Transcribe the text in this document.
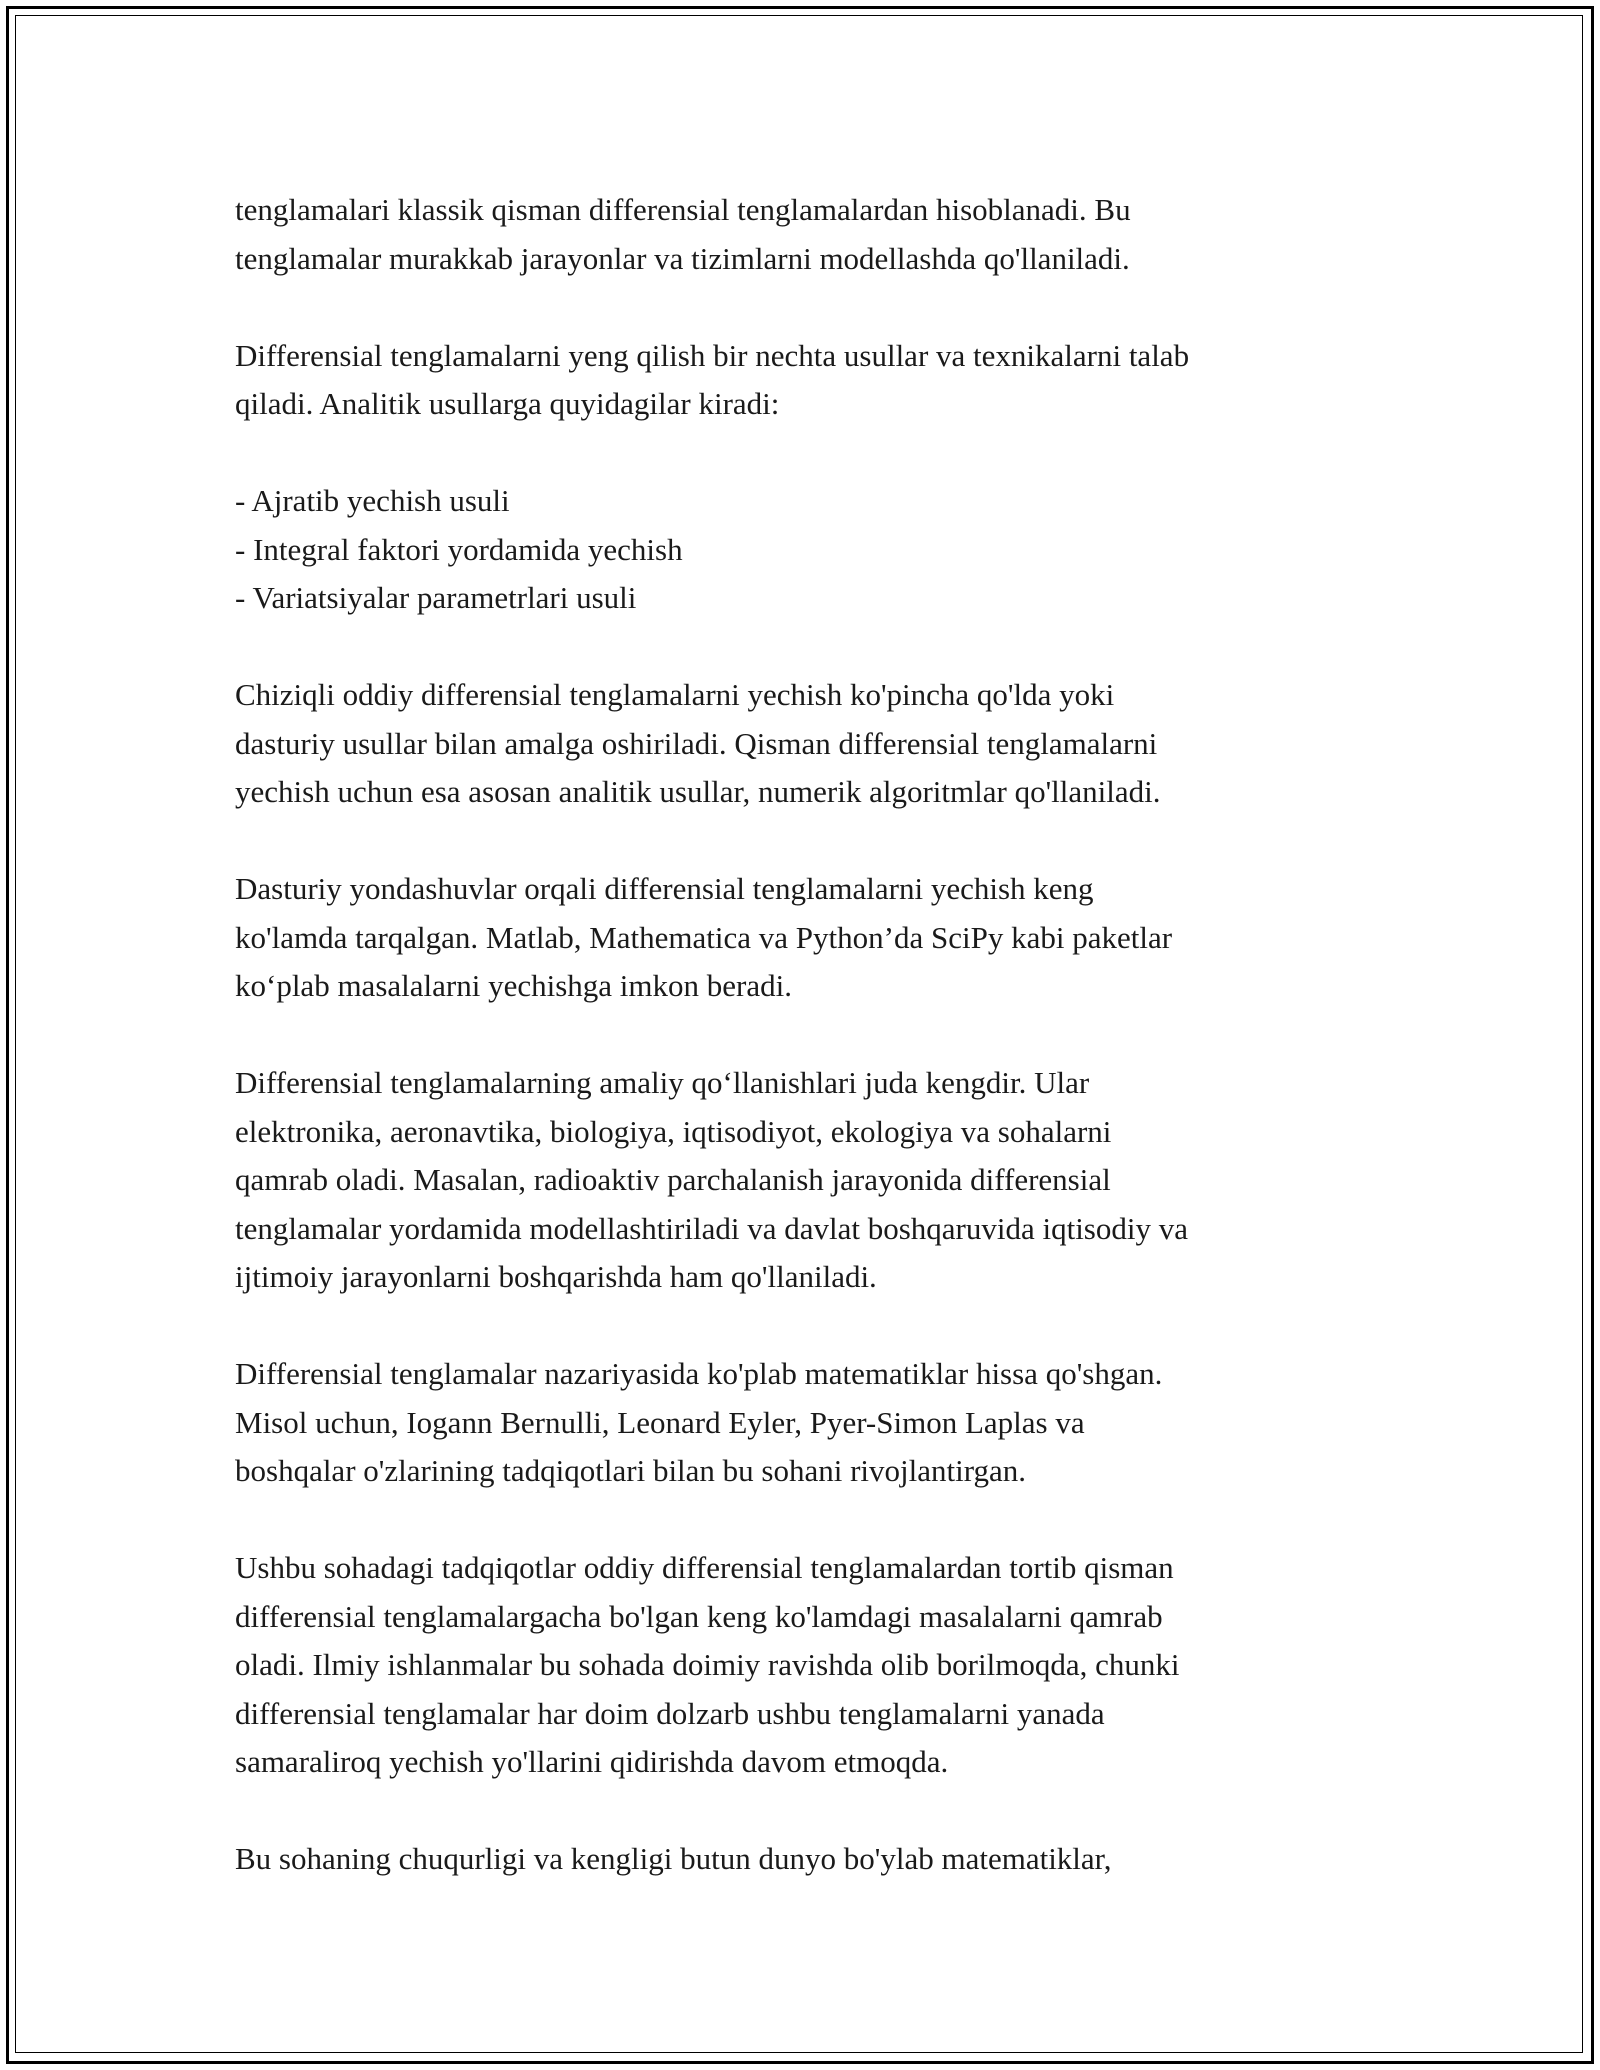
tenglamalari klassik qisman differensial tenglamalardan hisoblanadi. Bu
tenglamalar murakkab jarayonlar va tizimlarni modellashda qo'llaniladi.

Differensial tenglamalarni yeng qilish bir nechta usullar va texnikalarni talab
qiladi. Analitik usullarga quyidagilar kiradi:

- Ajratib yechish usuli
- Integral faktori yordamida yechish
- Variatsiyalar parametrlari usuli

Chiziqli oddiy differensial tenglamalarni yechish ko'pincha qo'lda yoki
dasturiy usullar bilan amalga oshiriladi. Qisman differensial tenglamalarni
yechish uchun esa asosan analitik usullar, numerik algoritmlar qo'llaniladi.

Dasturiy yondashuvlar orqali differensial tenglamalarni yechish keng
ko'lamda tarqalgan. Matlab, Mathematica va Python’da SciPy kabi paketlar
ko‘plab masalalarni yechishga imkon beradi.

Differensial tenglamalarning amaliy qo‘llanishlari juda kengdir. Ular
elektronika, aeronavtika, biologiya, iqtisodiyot, ekologiya va sohalarni
qamrab oladi. Masalan, radioaktiv parchalanish jarayonida differensial
tenglamalar yordamida modellashtiriladi va davlat boshqaruvida iqtisodiy va
ijtimoiy jarayonlarni boshqarishda ham qo'llaniladi.

Differensial tenglamalar nazariyasida ko'plab matematiklar hissa qo'shgan.
Misol uchun, Iogann Bernulli, Leonard Eyler, Pyer-Simon Laplas va
boshqalar o'zlarining tadqiqotlari bilan bu sohani rivojlantirgan.

Ushbu sohadagi tadqiqotlar oddiy differensial tenglamalardan tortib qisman
differensial tenglamalargacha bo'lgan keng ko'lamdagi masalalarni qamrab
oladi. Ilmiy ishlanmalar bu sohada doimiy ravishda olib borilmoqda, chunki
differensial tenglamalar har doim dolzarb ushbu tenglamalarni yanada
samaraliroq yechish yo'llarini qidirishda davom etmoqda.

Bu sohaning chuqurligi va kengligi butun dunyo bo'ylab matematiklar,
